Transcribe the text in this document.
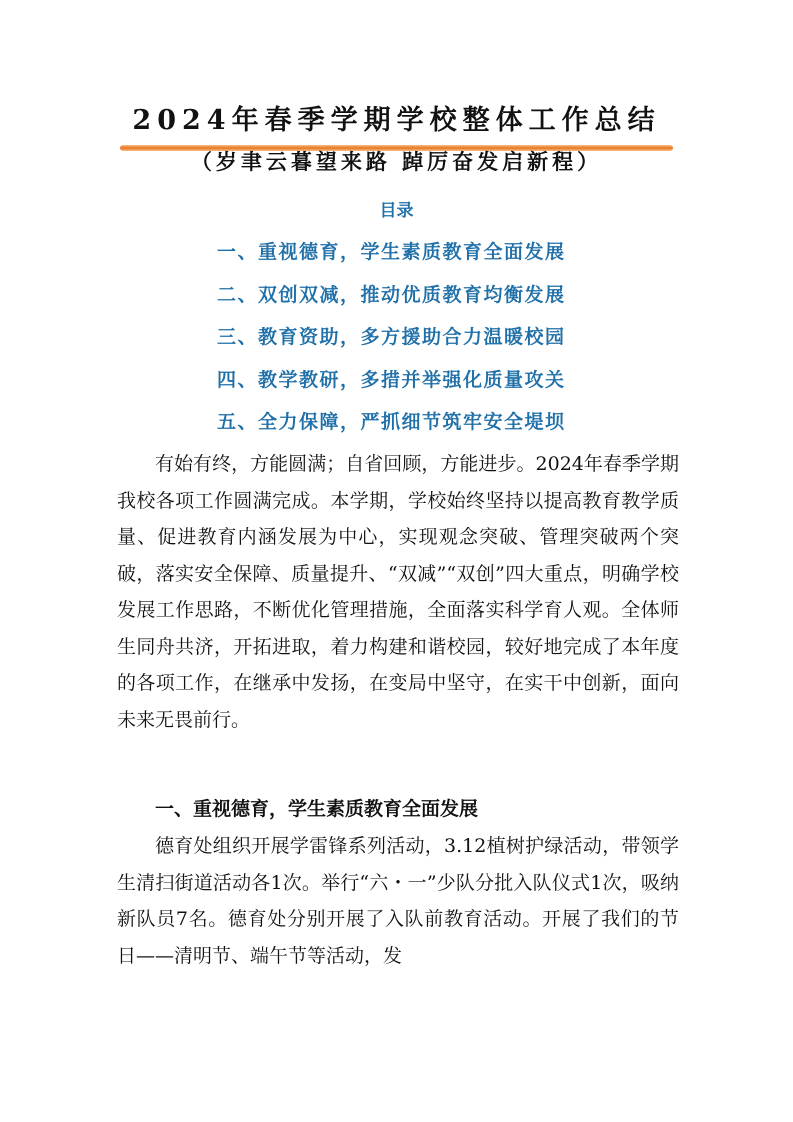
2024年春季学期学校整体工作总结
（岁聿云暮望来路 踔厉奋发启新程）
目录
一、重视德育，学生素质教育全面发展
二、双创双减，推动优质教育均衡发展
三、教育资助，多方援助合力温暖校园
四、教学教研，多措并举强化质量攻关
五、全力保障，严抓细节筑牢安全堤坝
有始有终，方能圆满；自省回顾，方能进步。2024年春季学期我校各项工作圆满完成。本学期，学校始终坚持以提高教育教学质量、促进教育内涵发展为中心，实现观念突破、管理突破两个突破，落实安全保障、质量提升、“双减”“双创”四大重点，明确学校发展工作思路，不断优化管理措施，全面落实科学育人观。全体师生同舟共济，开拓进取，着力构建和谐校园，较好地完成了本年度的各项工作，在继承中发扬，在变局中坚守，在实干中创新，面向未来无畏前行。
一、重视德育，学生素质教育全面发展
德育处组织开展学雷锋系列活动，3.12植树护绿活动，带领学生清扫街道活动各1次。举行“六・一”少队分批入队仪式1次，吸纳新队员7名。德育处分别开展了入队前教育活动。开展了我们的节日——清明节、端午节等活动，发
